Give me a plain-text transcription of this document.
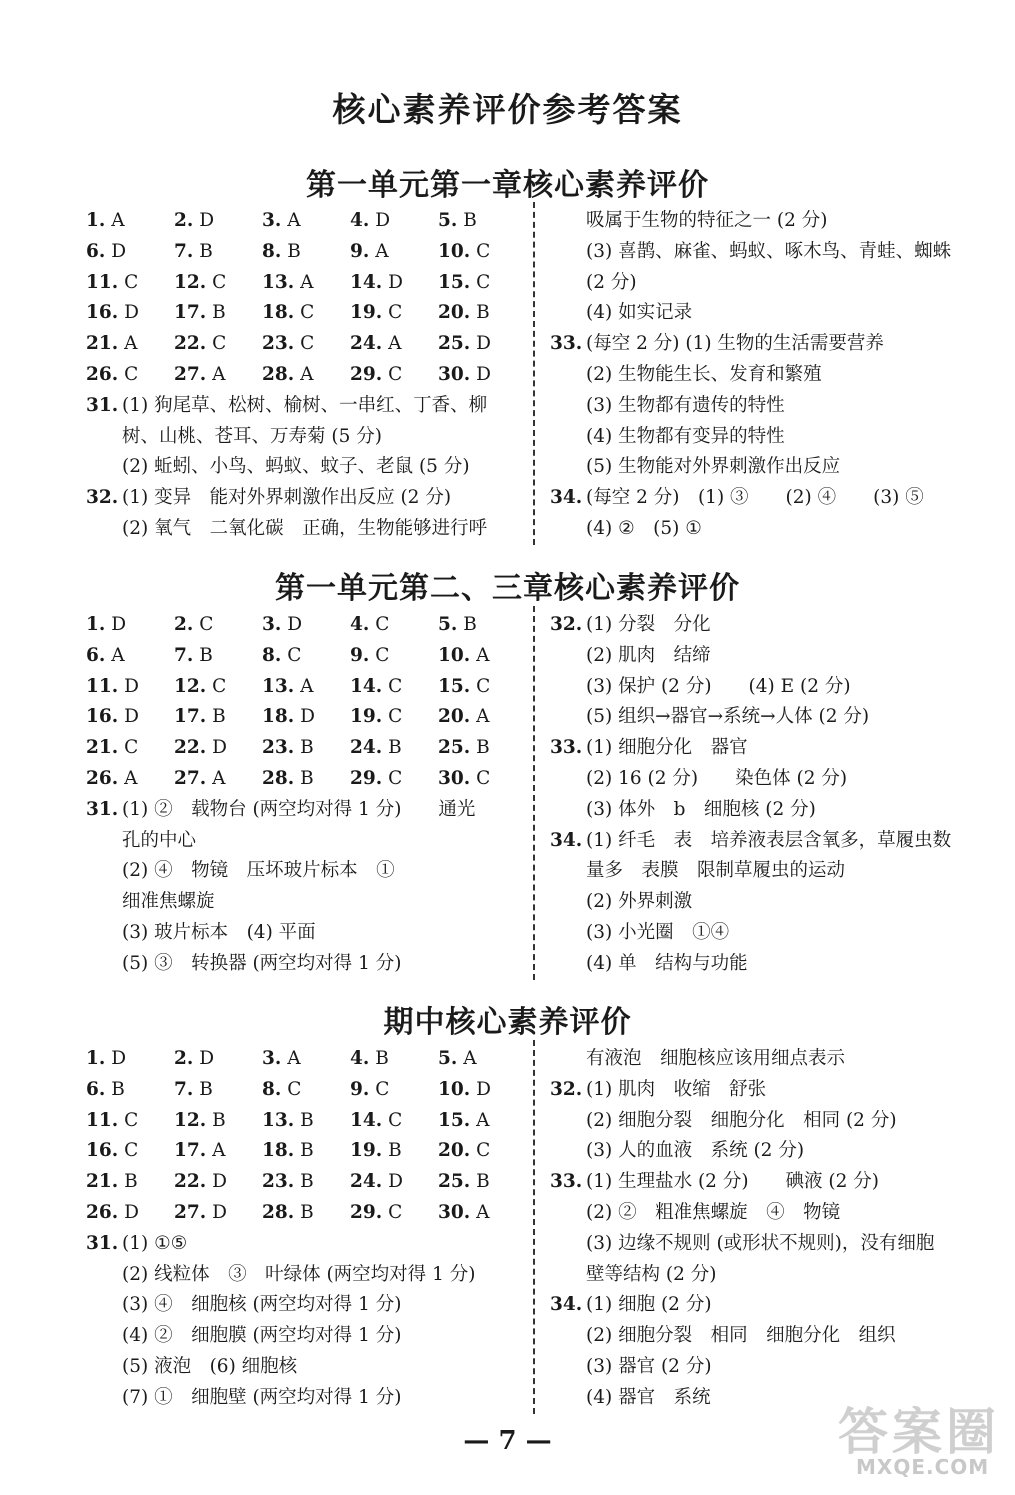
核心素养评价参考答案
第一单元第一章核心素养评价
1. A	2. D	3. A	4. D	5. B
6. D	7. B	8. B	9. A	10. C
11. C 12. C 13. A 14. D 15. C
16. D 17. B 18. C 19. C 20. B
21. A 22. C 23. C 24. A 25. D
26. C 27. A 28. A 29. C 30. D
31. (1) 狗尾草、松树、榆树、一串红、丁香、柳
树、山桃、苍耳、万寿菊 (5 分)
(2) 蚯蚓、小鸟、蚂蚁、蚊子、老鼠 (5 分)
32. (1) 变异　能对外界刺激作出反应 (2 分)
(2) 氧气　二氧化碳　正确，生物能够进行呼
吸属于生物的特征之一 (2 分)
(3) 喜鹊、麻雀、蚂蚁、啄木鸟、青蛙、蜘蛛
(2 分)
(4) 如实记录
33. (每空 2 分) (1) 生物的生活需要营养
(2) 生物能生长、发育和繁殖
(3) 生物都有遗传的特性
(4) 生物都有变异的特性
(5) 生物能对外界刺激作出反应
34. (每空 2 分)　(1) ③　　(2) ④　　(3) ⑤
(4) ②　(5) ①
第一单元第二、三章核心素养评价
1. D	2. C	3. D	4. C	5. B
6. A	7. B	8. C	9. C	10. A
11. D 12. C 13. A 14. C 15. C
16. D 17. B 18. D 19. C 20. A
21. C 22. D 23. B 24. B 25. B
26. A 27. A 28. B 29. C 30. C
31. (1) ②　载物台 (两空均对得 1 分)　　通光
孔的中心
(2) ④　物镜　压坏玻片标本　①
细准焦螺旋
(3) 玻片标本　(4) 平面
(5) ③　转换器 (两空均对得 1 分)
32. (1) 分裂　分化
(2) 肌肉　结缔
(3) 保护 (2 分)　　(4) E (2 分)
(5) 组织→器官→系统→人体 (2 分)
33. (1) 细胞分化　器官
(2) 16 (2 分)　　染色体 (2 分)
(3) 体外　b　细胞核 (2 分)
34. (1) 纤毛　表　培养液表层含氧多，草履虫数
量多　表膜　限制草履虫的运动
(2) 外界刺激
(3) 小光圈　①④
(4) 单　结构与功能
期中核心素养评价
1. D	2. D	3. A	4. B	5. A
6. B	7. B	8. C	9. C	10. D
11. C 12. B 13. B 14. C 15. A
16. C 17. A 18. B 19. B 20. C
21. B 22. D 23. B 24. D 25. B
26. D 27. D 28. B 29. C 30. A
31. (1) ①⑤
(2) 线粒体　③　叶绿体 (两空均对得 1 分)
(3) ④　细胞核 (两空均对得 1 分)
(4) ②　细胞膜 (两空均对得 1 分)
(5) 液泡　(6) 细胞核
(7) ①　细胞壁 (两空均对得 1 分)
有液泡　细胞核应该用细点表示
32. (1) 肌肉　收缩　舒张
(2) 细胞分裂　细胞分化　相同 (2 分)
(3) 人的血液　系统 (2 分)
33. (1) 生理盐水 (2 分)　　碘液 (2 分)
(2) ②　粗准焦螺旋　④　物镜
(3) 边缘不规则 (或形状不规则)，没有细胞
壁等结构 (2 分)
34. (1) 细胞 (2 分)
(2) 细胞分裂　相同　细胞分化　组织
(3) 器官 (2 分)
(4) 器官　系统
— 7 —	答案圈
MXQE.COM
